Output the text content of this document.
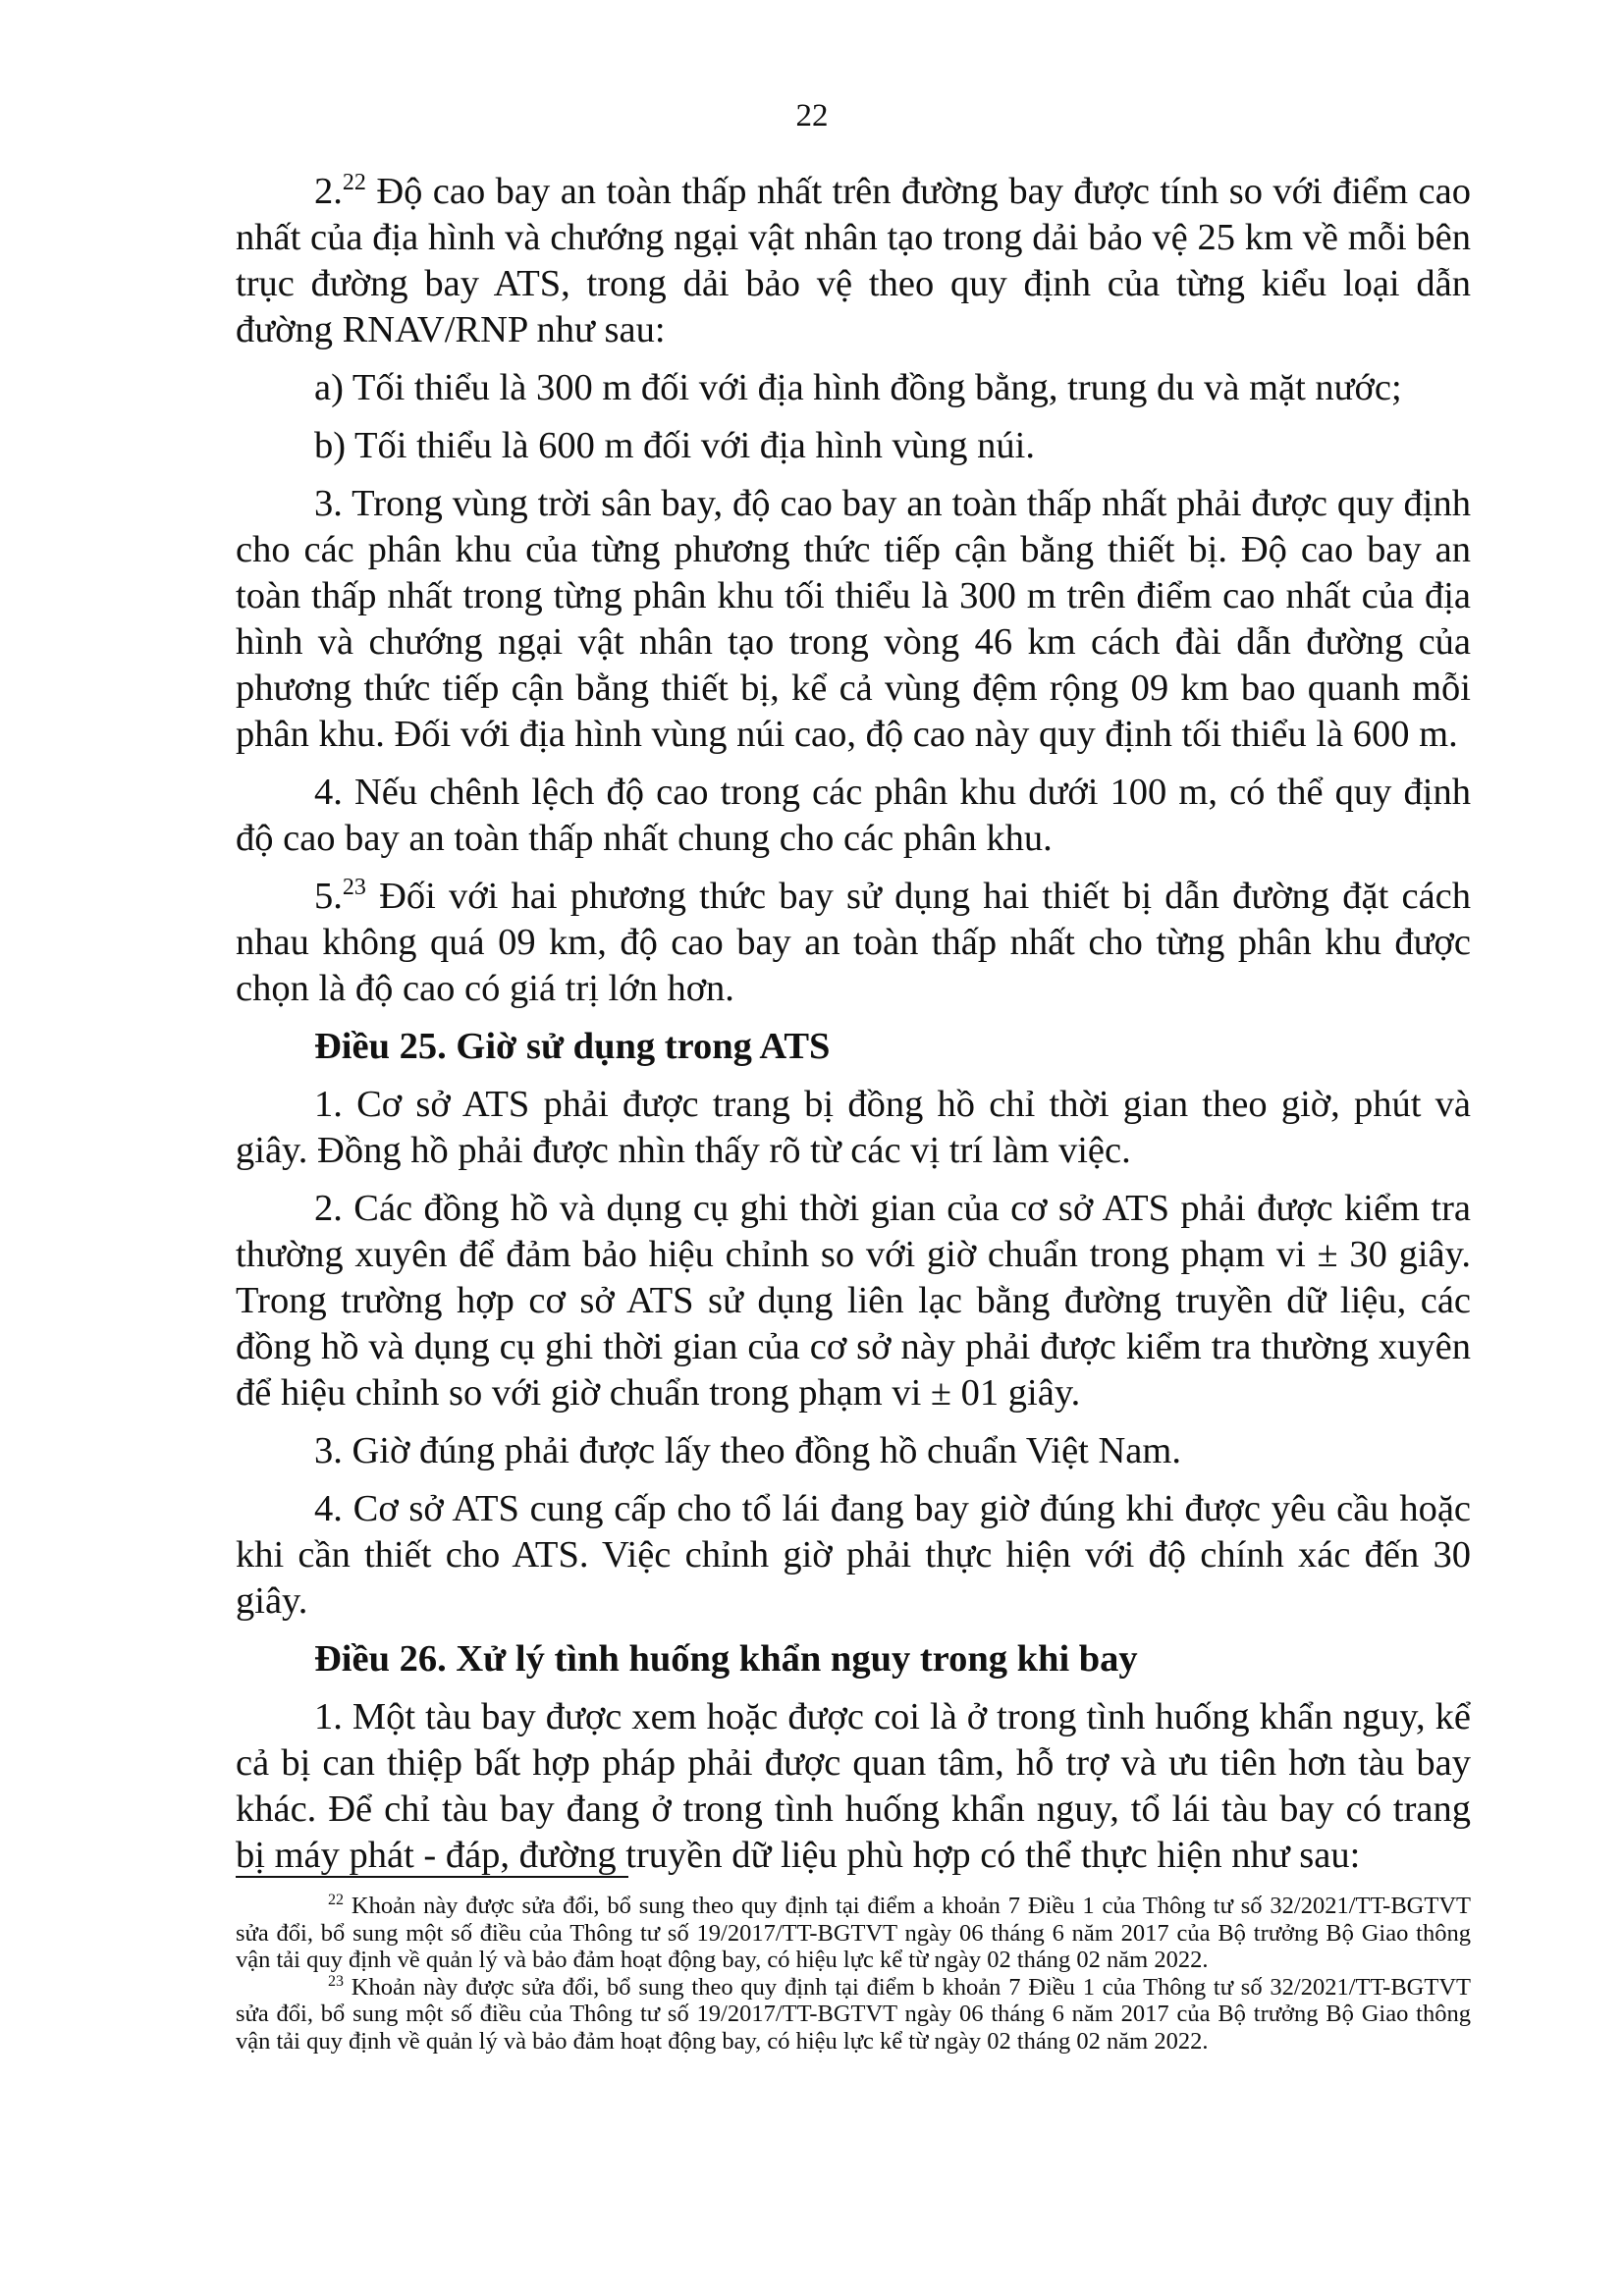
22

2.22 Độ cao bay an toàn thấp nhất trên đường bay được tính so với điểm cao nhất của địa hình và chướng ngại vật nhân tạo trong dải bảo vệ 25 km về mỗi bên trục đường bay ATS, trong dải bảo vệ theo quy định của từng kiểu loại dẫn đường RNAV/RNP như sau:

a) Tối thiểu là 300 m đối với địa hình đồng bằng, trung du và mặt nước;

b) Tối thiểu là 600 m đối với địa hình vùng núi.

3. Trong vùng trời sân bay, độ cao bay an toàn thấp nhất phải được quy định cho các phân khu của từng phương thức tiếp cận bằng thiết bị. Độ cao bay an toàn thấp nhất trong từng phân khu tối thiểu là 300 m trên điểm cao nhất của địa hình và chướng ngại vật nhân tạo trong vòng 46 km cách đài dẫn đường của phương thức tiếp cận bằng thiết bị, kể cả vùng đệm rộng 09 km bao quanh mỗi phân khu. Đối với địa hình vùng núi cao, độ cao này quy định tối thiểu là 600 m.

4. Nếu chênh lệch độ cao trong các phân khu dưới 100 m, có thể quy định độ cao bay an toàn thấp nhất chung cho các phân khu.

5.23 Đối với hai phương thức bay sử dụng hai thiết bị dẫn đường đặt cách nhau không quá 09 km, độ cao bay an toàn thấp nhất cho từng phân khu được chọn là độ cao có giá trị lớn hơn.

Điều 25. Giờ sử dụng trong ATS

1. Cơ sở ATS phải được trang bị đồng hồ chỉ thời gian theo giờ, phút và giây. Đồng hồ phải được nhìn thấy rõ từ các vị trí làm việc.

2. Các đồng hồ và dụng cụ ghi thời gian của cơ sở ATS phải được kiểm tra thường xuyên để đảm bảo hiệu chỉnh so với giờ chuẩn trong phạm vi ± 30 giây. Trong trường hợp cơ sở ATS sử dụng liên lạc bằng đường truyền dữ liệu, các đồng hồ và dụng cụ ghi thời gian của cơ sở này phải được kiểm tra thường xuyên để hiệu chỉnh so với giờ chuẩn trong phạm vi ± 01 giây.

3. Giờ đúng phải được lấy theo đồng hồ chuẩn Việt Nam.

4. Cơ sở ATS cung cấp cho tổ lái đang bay giờ đúng khi được yêu cầu hoặc khi cần thiết cho ATS. Việc chỉnh giờ phải thực hiện với độ chính xác đến 30 giây.

Điều 26. Xử lý tình huống khẩn nguy trong khi bay

1. Một tàu bay được xem hoặc được coi là ở trong tình huống khẩn nguy, kể cả bị can thiệp bất hợp pháp phải được quan tâm, hỗ trợ và ưu tiên hơn tàu bay khác. Để chỉ tàu bay đang ở trong tình huống khẩn nguy, tổ lái tàu bay có trang bị máy phát - đáp, đường truyền dữ liệu phù hợp có thể thực hiện như sau:

$^{22}$ Khoản này được sửa đổi, bổ sung theo quy định tại điểm a khoản 7 Điều 1 của Thông tư số 32/2021/TT-BGTVT sửa đổi, bổ sung một số điều của Thông tư số 19/2017/TT-BGTVT ngày 06 tháng 6 năm 2017 của Bộ trưởng Bộ Giao thông vận tải quy định về quản lý và bảo đảm hoạt động bay, có hiệu lực kể từ ngày 02 tháng 02 năm 2022.

$^{23}$ Khoản này được sửa đổi, bổ sung theo quy định tại điểm b khoản 7 Điều 1 của Thông tư số 32/2021/TT-BGTVT sửa đổi, bổ sung một số điều của Thông tư số 19/2017/TT-BGTVT ngày 06 tháng 6 năm 2017 của Bộ trưởng Bộ Giao thông vận tải quy định về quản lý và bảo đảm hoạt động bay, có hiệu lực kể từ ngày 02 tháng 02 năm 2022.
